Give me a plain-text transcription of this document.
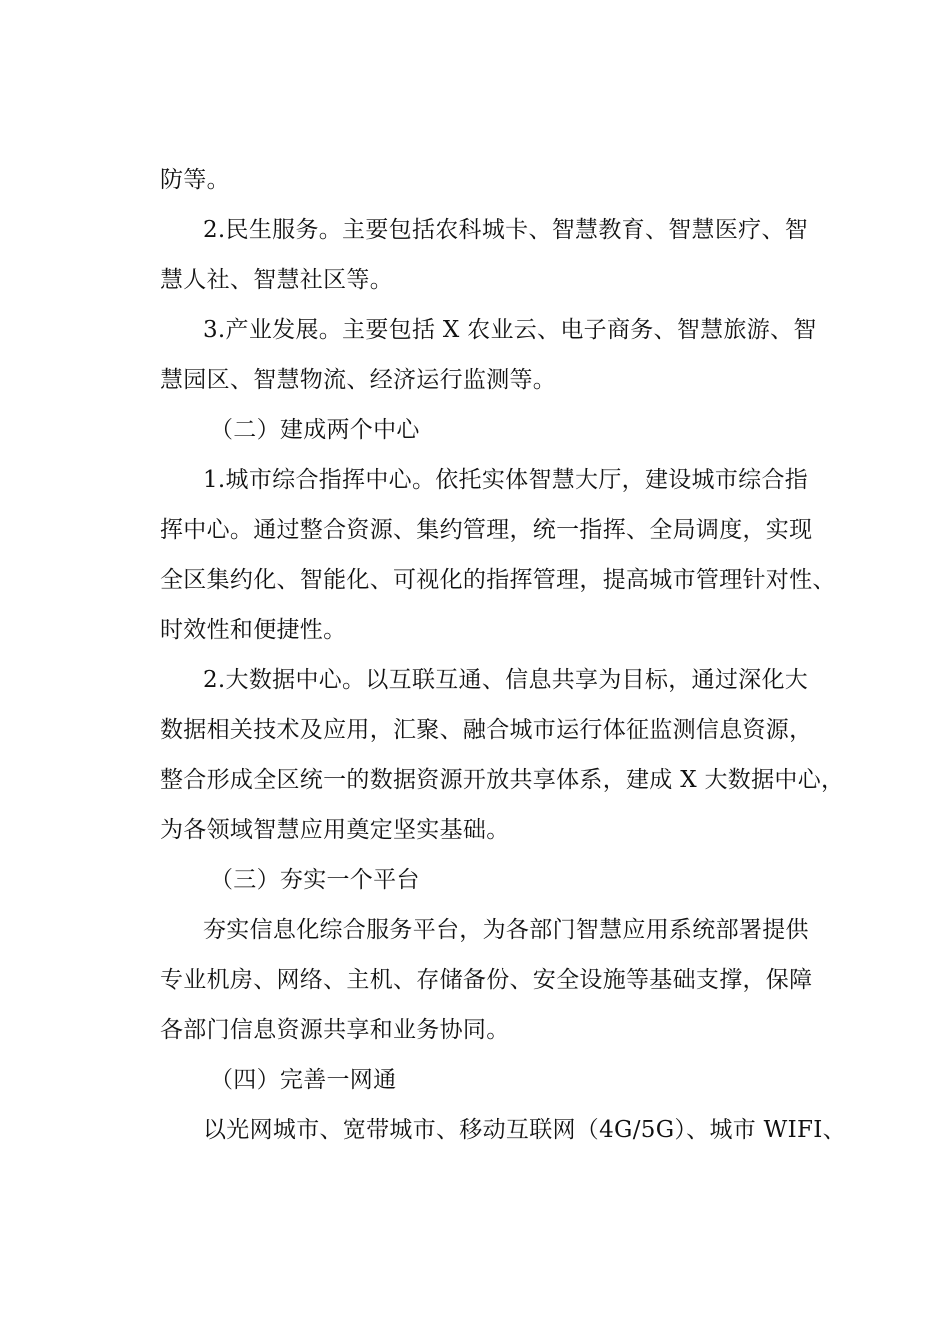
防等。
2.民生服务。主要包括农科城卡、智慧教育、智慧医疗、智
慧人社、智慧社区等。
3.产业发展。主要包括 X 农业云、电子商务、智慧旅游、智
慧园区、智慧物流、经济运行监测等。
（二）建成两个中心
1.城市综合指挥中心。依托实体智慧大厅，建设城市综合指
挥中心。通过整合资源、集约管理，统一指挥、全局调度，实现
全区集约化、智能化、可视化的指挥管理，提高城市管理针对性、
时效性和便捷性。
2.大数据中心。以互联互通、信息共享为目标，通过深化大
数据相关技术及应用，汇聚、融合城市运行体征监测信息资源，
整合形成全区统一的数据资源开放共享体系，建成 X 大数据中心，
为各领域智慧应用奠定坚实基础。
（三）夯实一个平台
夯实信息化综合服务平台，为各部门智慧应用系统部署提供
专业机房、网络、主机、存储备份、安全设施等基础支撑，保障
各部门信息资源共享和业务协同。
（四）完善一网通
以光网城市、宽带城市、移动互联网（4G/5G）、城市 WIFI、
